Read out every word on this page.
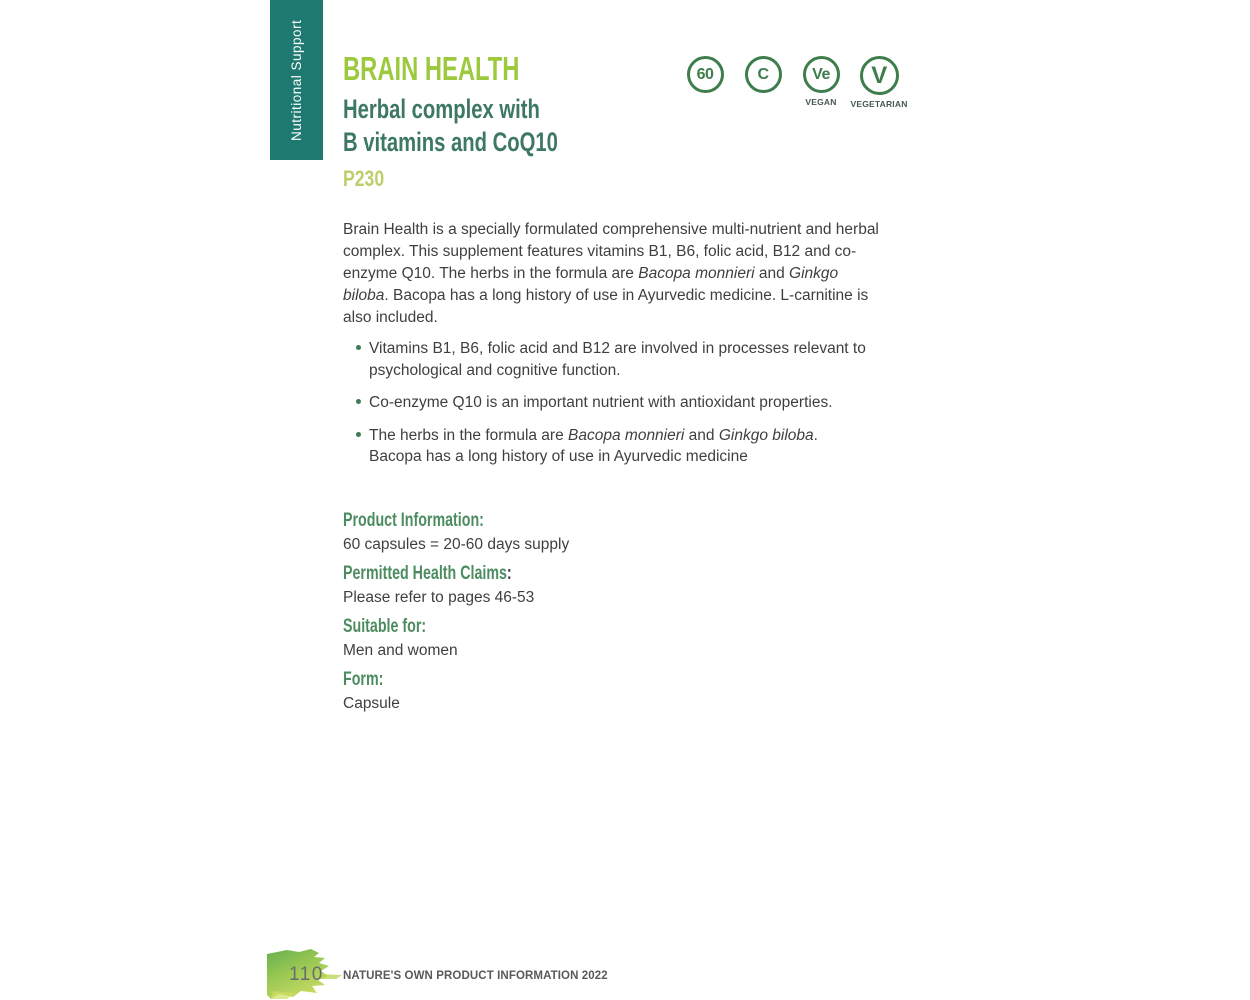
Nutritional Support	BRAIN HEALTH
Herbal complex with
B vitamins and CoQ10
P230
60	C	Ve
VEGAN
V
VEGETARIAN

Brain Health is a specially formulated comprehensive multi-nutrient and herbal complex. This supplement features vitamins B1, B6, folic acid, B12 and co-enzyme Q10. The herbs in the formula are Bacopa monnieri and Ginkgo biloba. Bacopa has a long history of use in Ayurvedic medicine. L-carnitine is also included.

Vitamins B1, B6, folic acid and B12 are involved in processes relevant to psychological and cognitive function.
Co-enzyme Q10 is an important nutrient with antioxidant properties.
The herbs in the formula are Bacopa monnieri and Ginkgo biloba. Bacopa has a long history of use in Ayurvedic medicine
Product Information:

60 capsules = 20-60 days supply

Permitted Health Claims:

Please refer to pages 46-53

Suitable for:

Men and women

Form:

Capsule

110 NATURE'S OWN PRODUCT INFORMATION 2022
